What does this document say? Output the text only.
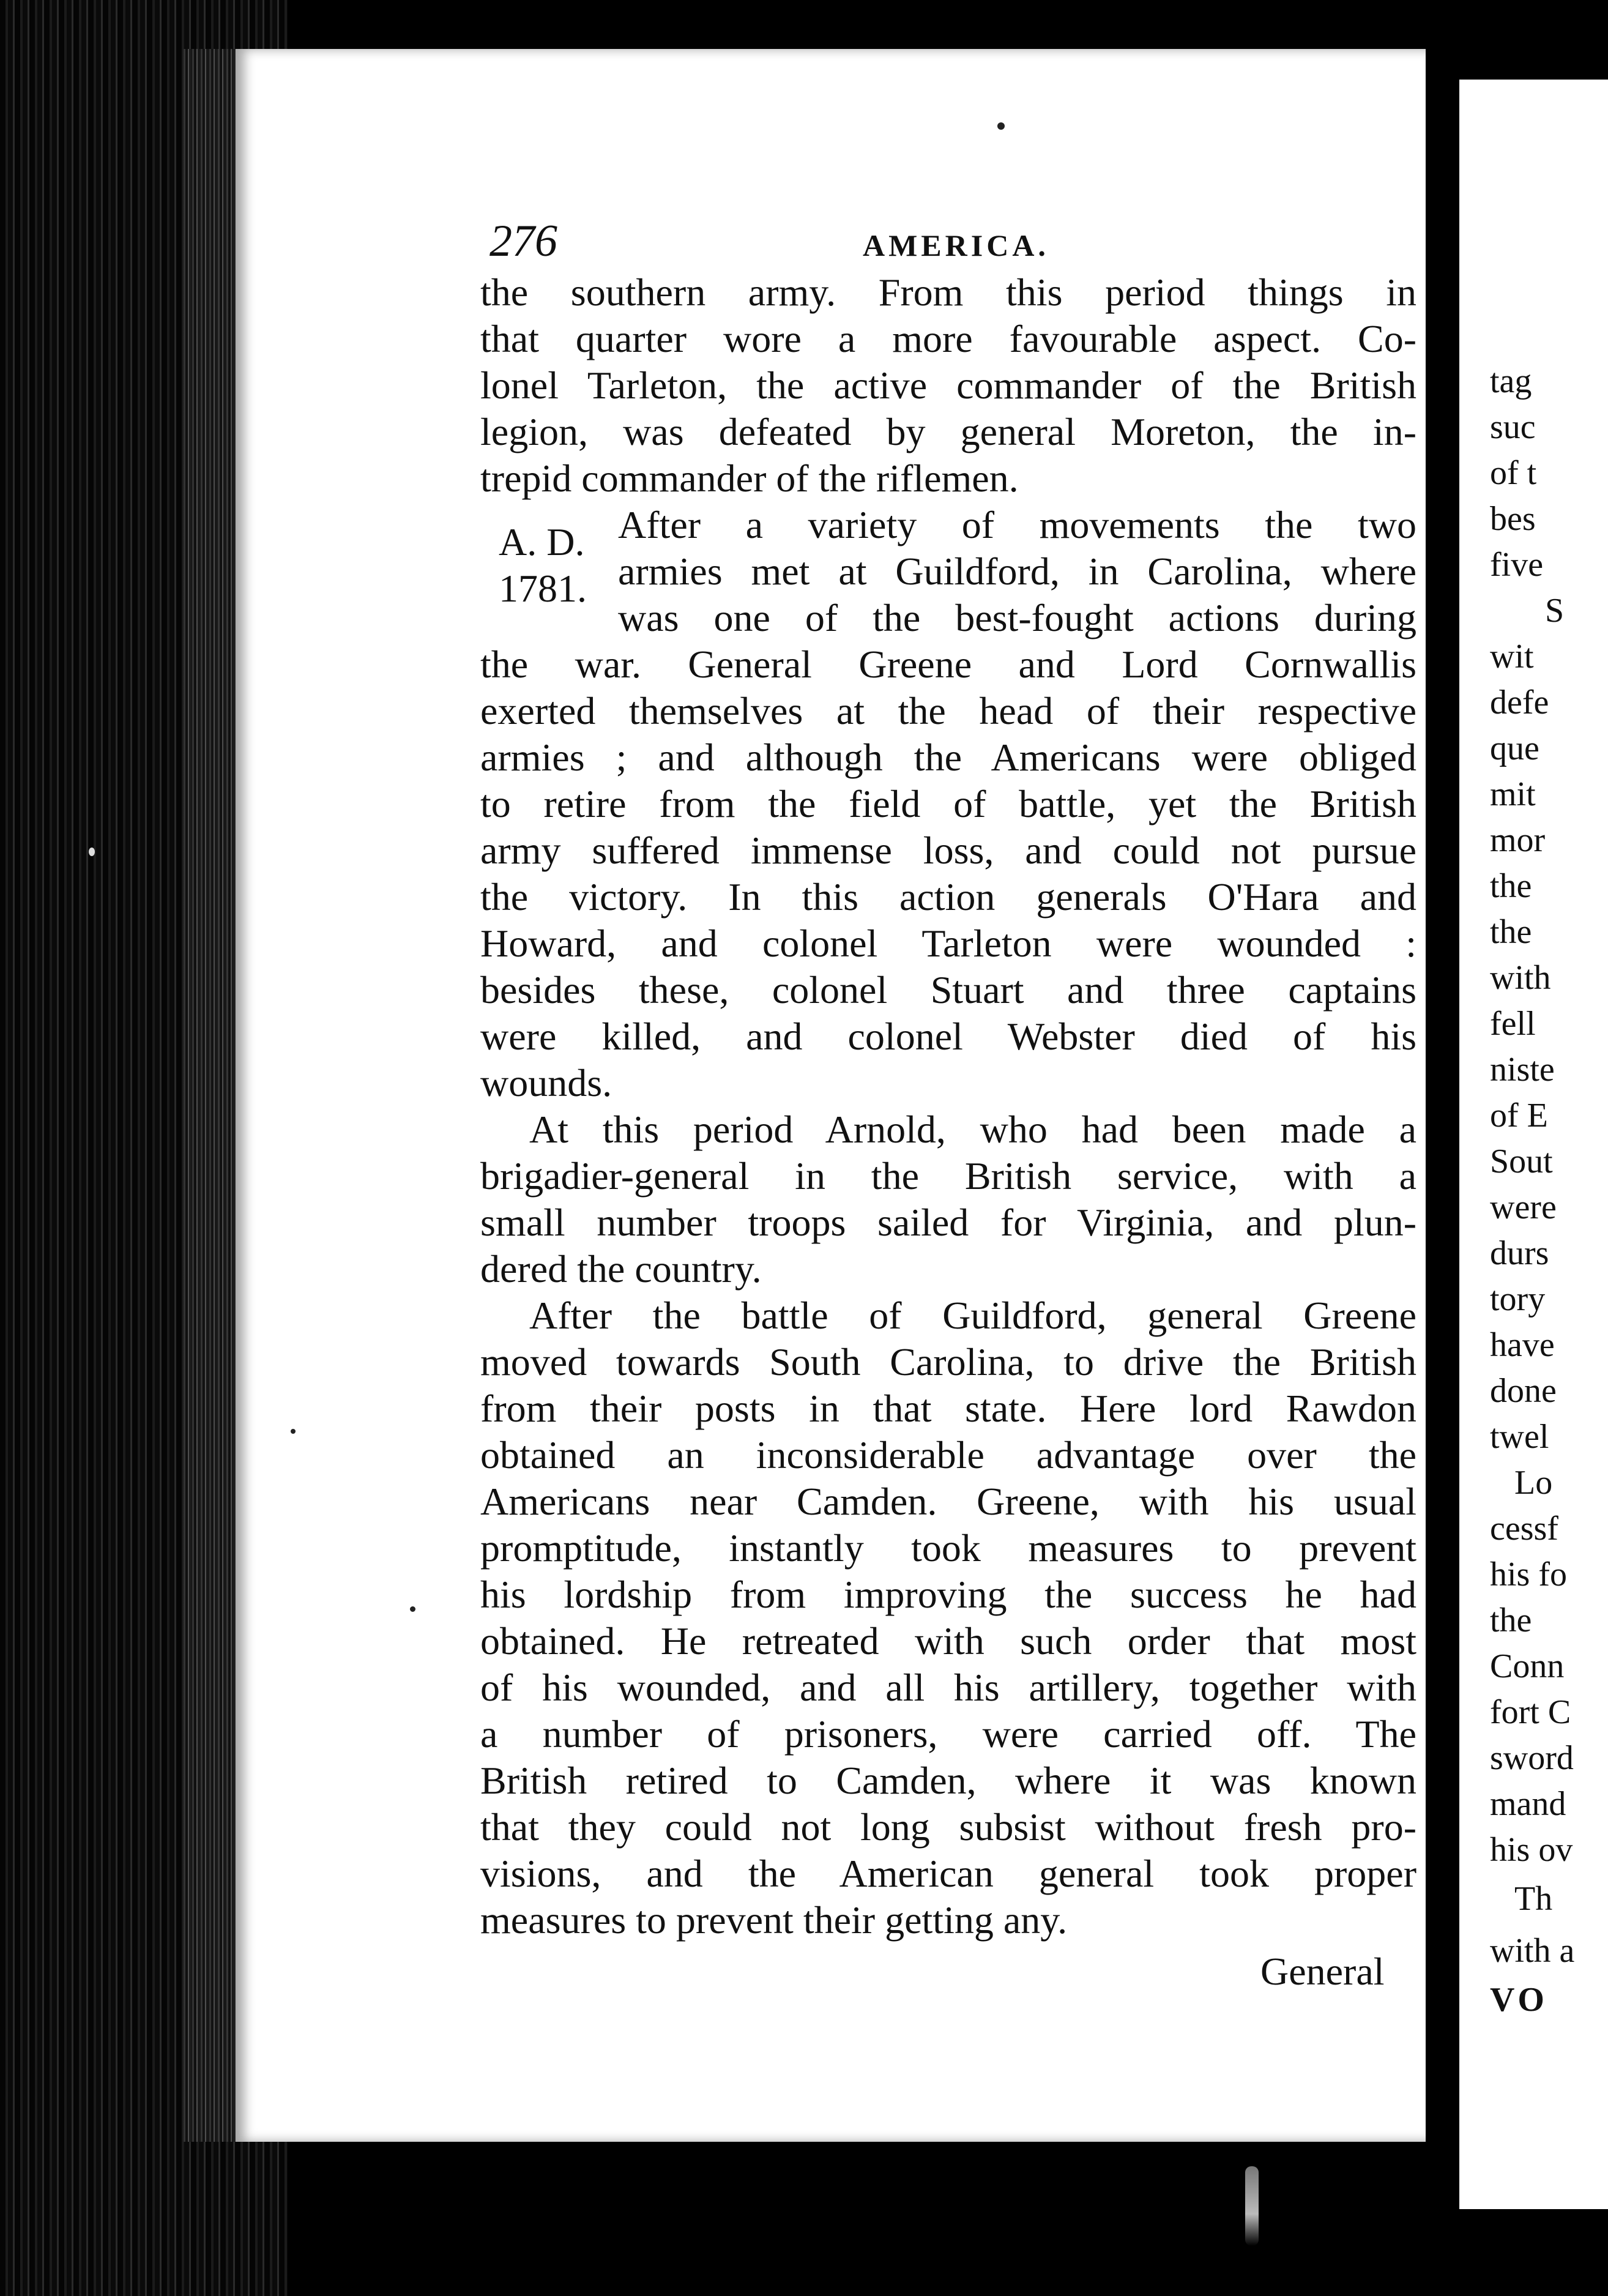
276	AMERICA.
A. D.
1781.
the southern army. From this period things in
that quarter wore a more favourable aspect. Co-
lonel Tarleton, the active commander of the British
legion, was defeated by general Moreton, the in-
trepid commander of the riflemen.
After a variety of movements the two
armies met at Guildford, in Carolina, where
was one of the best-fought actions during
the war. General Greene and Lord Cornwallis
exerted themselves at the head of their respective
armies ; and although the Americans were obliged
to retire from the field of battle, yet the British
army suffered immense loss, and could not pursue
the victory. In this action generals O'Hara and
Howard, and colonel Tarleton were wounded :
besides these, colonel Stuart and three captains
were killed, and colonel Webster died of his
wounds.
At this period Arnold, who had been made a
brigadier-general in the British service, with a
small number troops sailed for Virginia, and plun-
dered the country.
After the battle of Guildford, general Greene
moved towards South Carolina, to drive the British
from their posts in that state. Here lord Rawdon
obtained an inconsiderable advantage over the
Americans near Camden. Greene, with his usual
promptitude, instantly took measures to prevent
his lordship from improving the success he had
obtained. He retreated with such order that most
of his wounded, and all his artillery, together with
a number of prisoners, were carried off. The
British retired to Camden, where it was known
that they could not long subsist without fresh pro-
visions, and the American general took proper
measures to prevent their getting any.
General
tag
suc
of t
bes
five
S
wit
defe
que
mit
mor
the
the
with
fell
niste
of E
Sout
were
durs
tory
have
done
twel
Lo
cessf
his fo
the
Conn
fort C
sword
mand
his ov
Th
with a
VO
